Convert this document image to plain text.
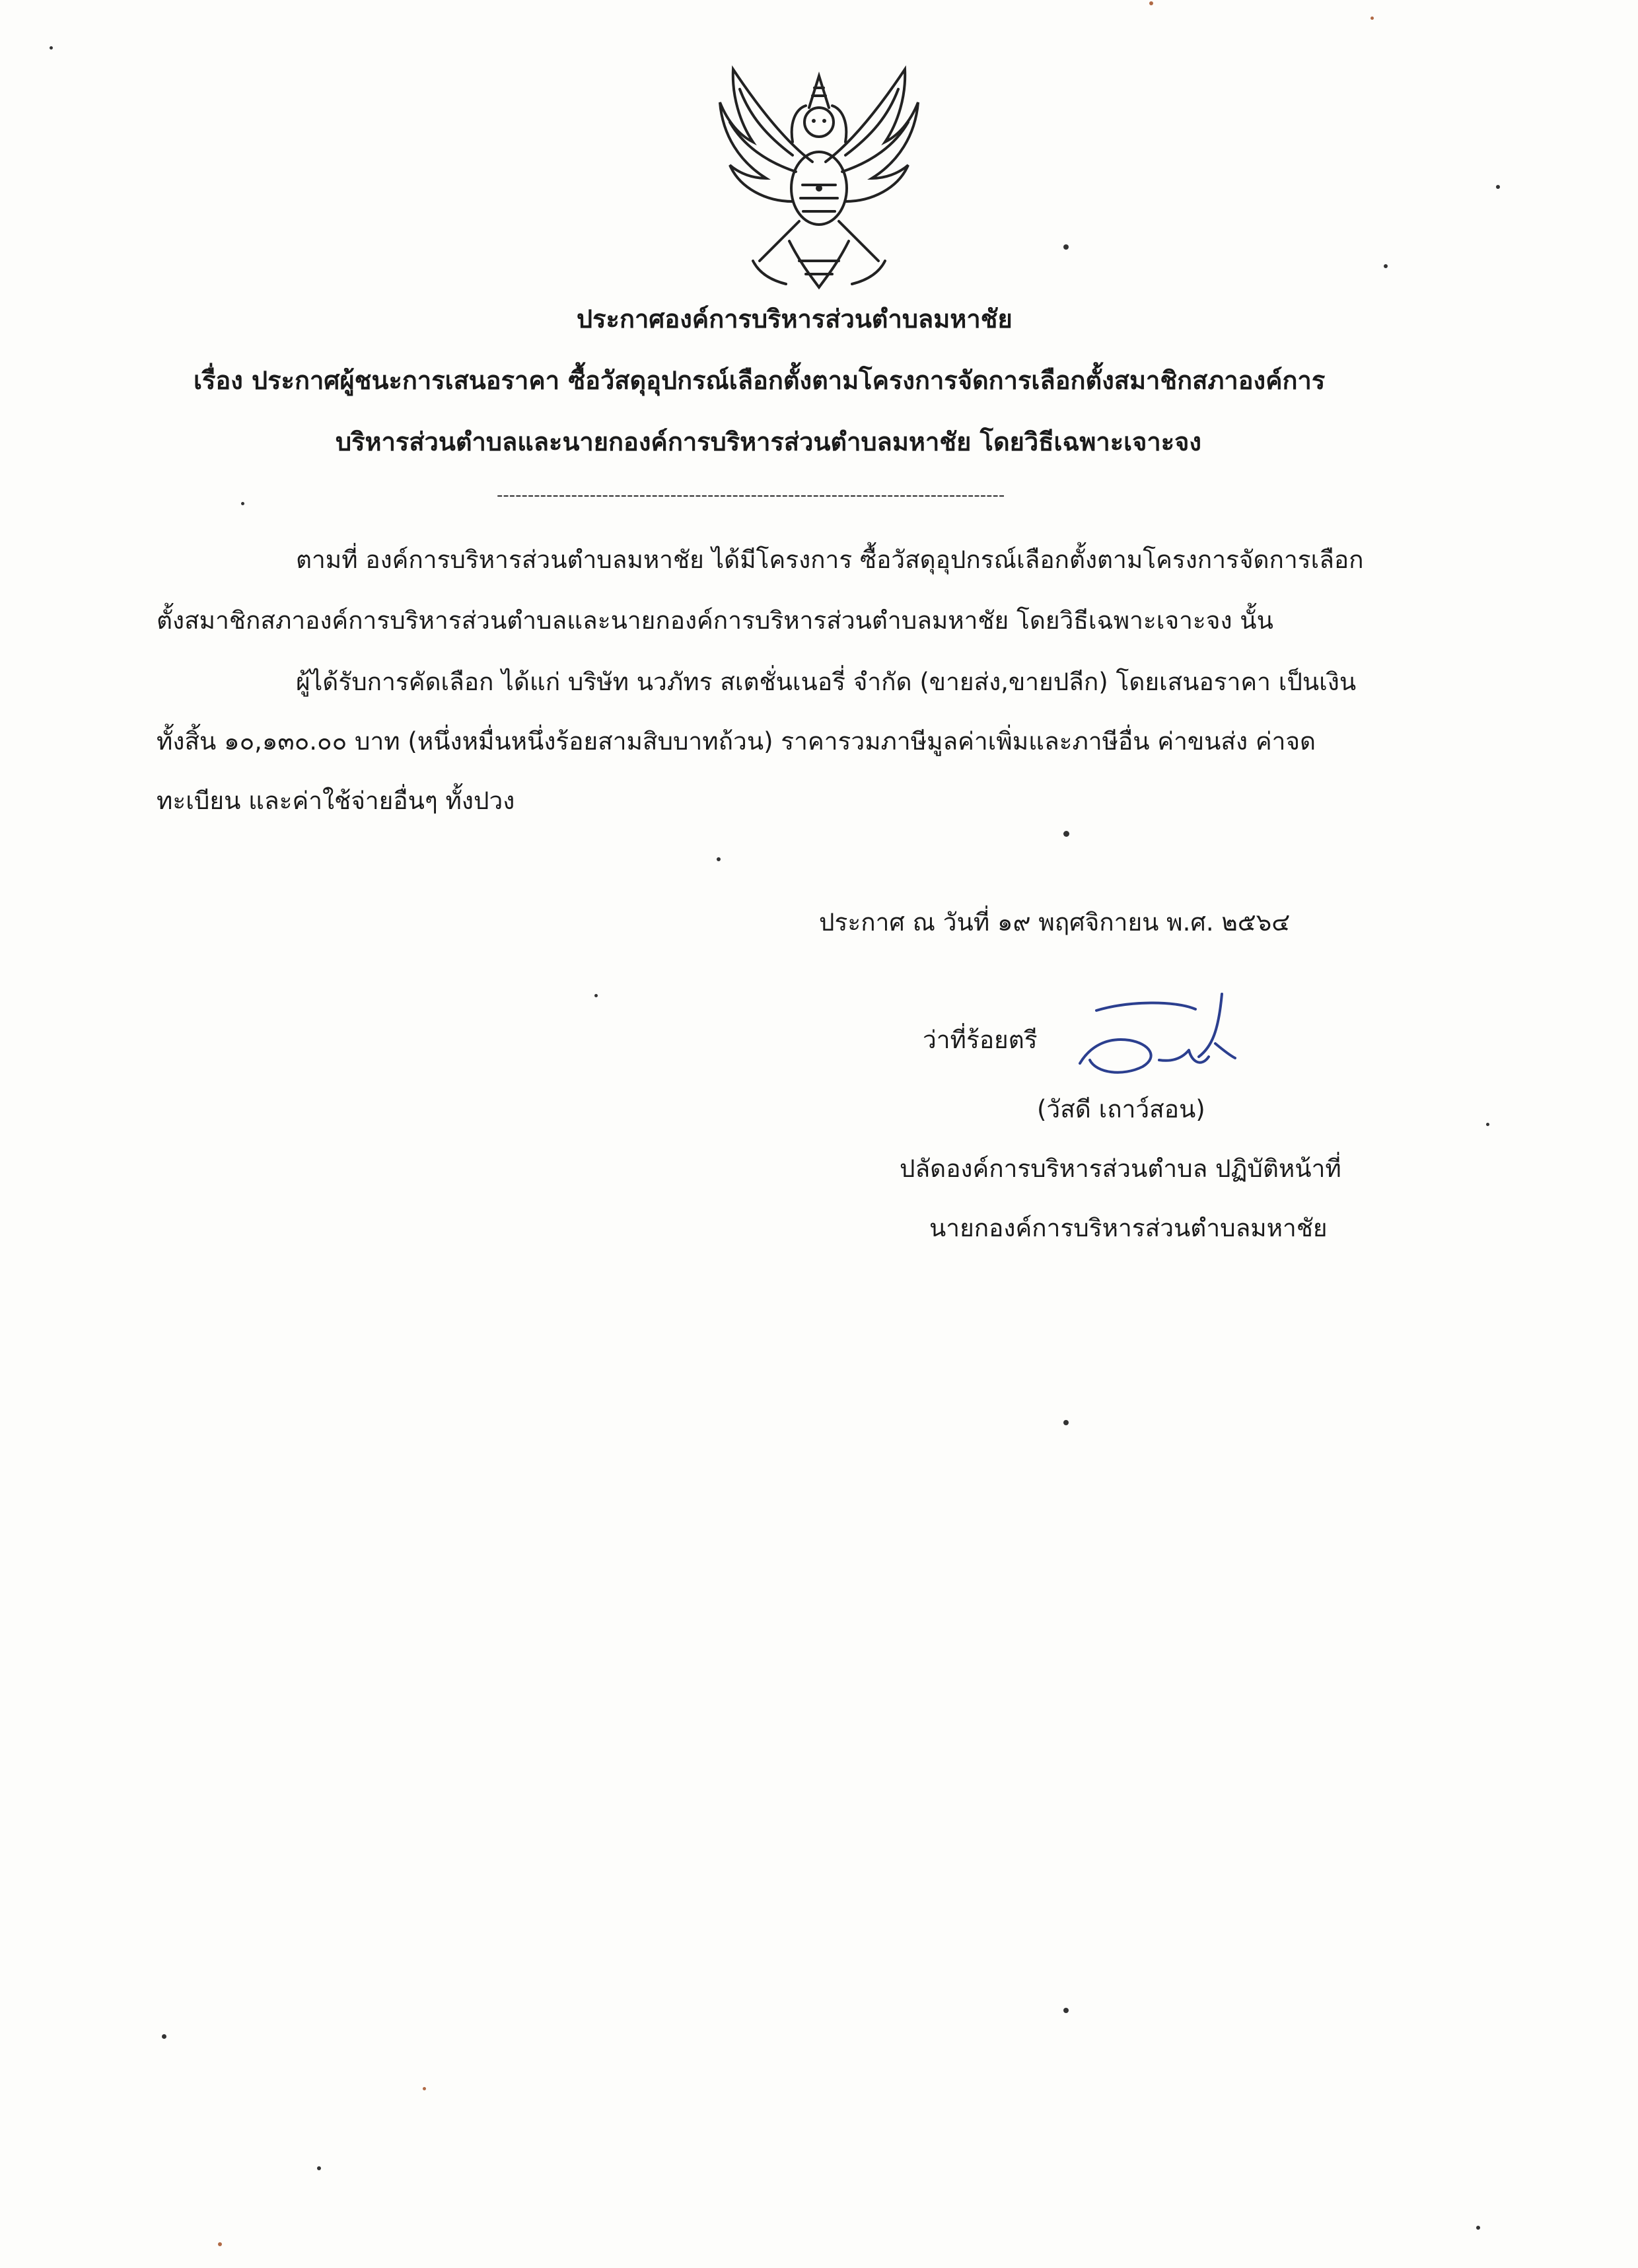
ประกาศองค์การบริหารส่วนตำบลมหาชัย
เรื่อง ประกาศผู้ชนะการเสนอราคา ซื้อวัสดุอุปกรณ์เลือกตั้งตามโครงการจัดการเลือกตั้งสมาชิกสภาองค์การ
บริหารส่วนตำบลและนายกองค์การบริหารส่วนตำบลมหาชัย โดยวิธีเฉพาะเจาะจง
----------------------------------------------------------------------------------
ตามที่ องค์การบริหารส่วนตำบลมหาชัย ได้มีโครงการ ซื้อวัสดุอุปกรณ์เลือกตั้งตามโครงการจัดการเลือก
ตั้งสมาชิกสภาองค์การบริหารส่วนตำบลและนายกองค์การบริหารส่วนตำบลมหาชัย โดยวิธีเฉพาะเจาะจง นั้น
ผู้ได้รับการคัดเลือก ได้แก่ บริษัท นวภัทร สเตชั่นเนอรี่ จำกัด (ขายส่ง,ขายปลีก) โดยเสนอราคา เป็นเงิน
ทั้งสิ้น ๑๐,๑๓๐.๐๐ บาท (หนึ่งหมื่นหนึ่งร้อยสามสิบบาทถ้วน) ราคารวมภาษีมูลค่าเพิ่มและภาษีอื่น ค่าขนส่ง ค่าจด
ทะเบียน และค่าใช้จ่ายอื่นๆ ทั้งปวง
ประกาศ ณ วันที่ ๑๙ พฤศจิกายน พ.ศ. ๒๕๖๔
ว่าที่ร้อยตรี
(วัสดี เถาว์สอน)
ปลัดองค์การบริหารส่วนตำบล ปฏิบัติหน้าที่
นายกองค์การบริหารส่วนตำบลมหาชัย
